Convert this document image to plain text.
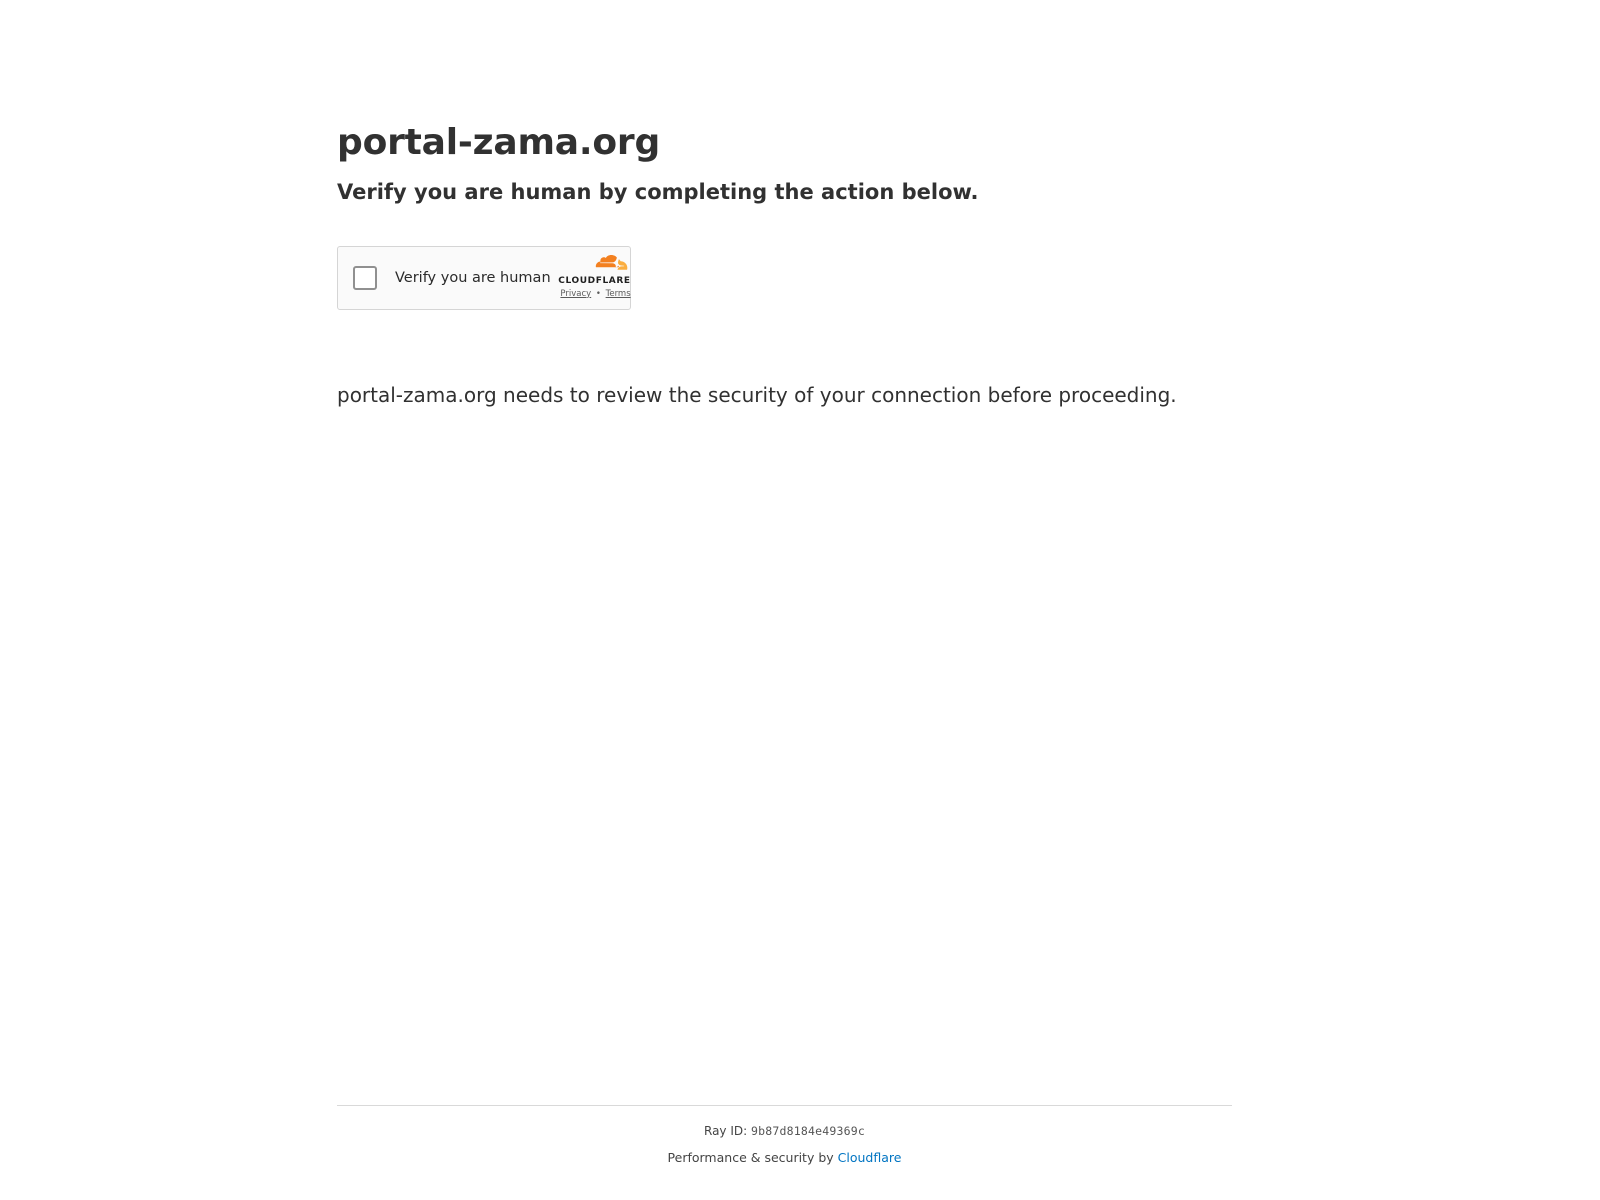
portal-zama.org
Verify you are human by completing the action below.
Verify you are human CLOUDFLARE
Privacy • Terms
portal-zama.org needs to review the security of your connection before proceeding.
Ray ID: 9b87d8184e49369c
Performance & security by Cloudflare
